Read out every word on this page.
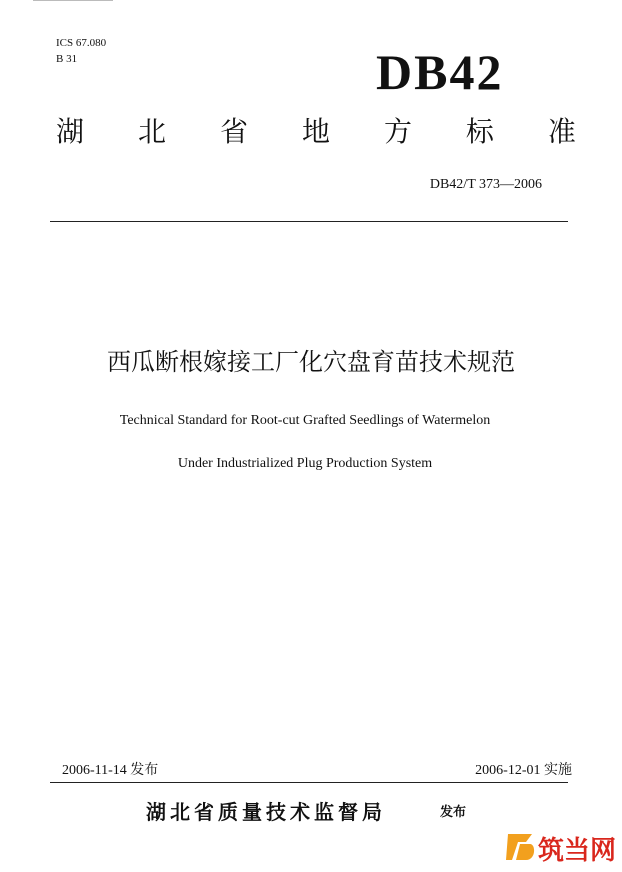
ICS 67.080
B 31	DB42
湖 北 省 地 方 标 准
DB42/T 373—2006
西瓜断根嫁接工厂化穴盘育苗技术规范
Technical Standard for Root-cut Grafted Seedlings of Watermelon
Under Industrialized Plug Production System
2006-11-14 发布	2006-12-01 实施
湖北省质量技术监督局	发布
筑当网
